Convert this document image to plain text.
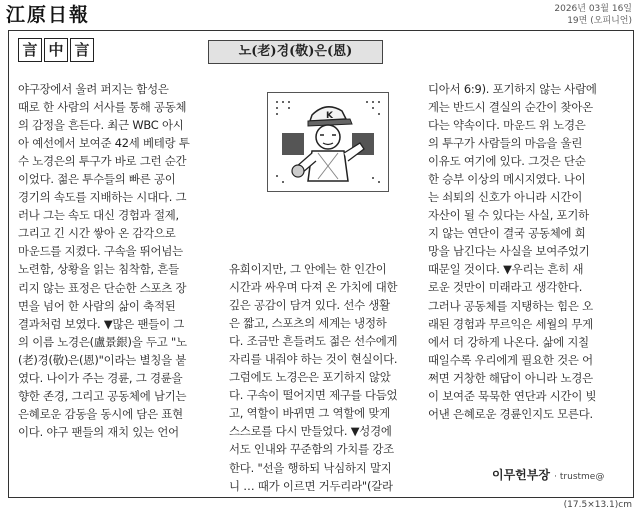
江原日報	2026년 03월 16일
19면 (오피니언)
言 中 言	노(老)경(敬)은(恩)
K
야구장에서 울려 퍼지는 함성은
때로 한 사람의 서사를 통해 공동체
의 감정을 흔든다. 최근 WBC 아시
아 예선에서 보여준 42세 베테랑 투
수 노경은의 투구가 바로 그런 순간
이었다. 젊은 투수들의 빠른 공이
경기의 속도를 지배하는 시대다. 그
러나 그는 속도 대신 경험과 절제,
그리고 긴 시간 쌓아 온 감각으로
마운드를 지켰다. 구속을 뛰어넘는
노련함, 상황을 읽는 침착함, 흔들
리지 않는 표정은 단순한 스포츠 장
면을 넘어 한 사람의 삶이 축적된
결과처럼 보였다. ▼많은 팬들이 그
의 이름 노경은(盧景銀)을 두고 "노
(老)경(敬)은(恩)"이라는 별칭을 붙
였다. 나이가 주는 경륜, 그 경륜을
향한 존경, 그리고 공동체에 남기는
은혜로운 감동을 동시에 담은 표현
이다. 야구 팬들의 재치 있는 언어
유희이지만, 그 안에는 한 인간이
시간과 싸우며 다져 온 가치에 대한
깊은 공감이 담겨 있다. 선수 생활
은 짧고, 스포츠의 세계는 냉정하
다. 조금만 흔들려도 젊은 선수에게
자리를 내줘야 하는 것이 현실이다.
그럼에도 노경은은 포기하지 않았
다. 구속이 떨어지면 제구를 다듬었
고, 역할이 바뀌면 그 역할에 맞게
스스로를 다시 만들었다. ▼성경에
서도 인내와 꾸준함의 가치를 강조
한다. "선을 행하되 낙심하지 말지
니 … 때가 이르면 거두리라"(갈라
디아서 6:9). 포기하지 않는 사람에
게는 반드시 결실의 순간이 찾아온
다는 약속이다. 마운드 위 노경은
의 투구가 사람들의 마음을 울린
이유도 여기에 있다. 그것은 단순
한 승부 이상의 메시지였다. 나이
는 쇠퇴의 신호가 아니라 시간이
자산이 될 수 있다는 사실, 포기하
지 않는 연단이 결국 공동체에 희
망을 남긴다는 사실을 보여주었기
때문일 것이다. ▼우리는 흔히 새
로운 것만이 미래라고 생각한다.
그러나 공동체를 지탱하는 힘은 오
래된 경험과 무르익은 세월의 무게
에서 더 강하게 나온다. 삶에 지칠
때일수록 우리에게 필요한 것은 어
쩌면 거창한 해답이 아니라 노경은
이 보여준 묵묵한 연단과 시간이 빚
어낸 은혜로운 경륜인지도 모른다.
이무헌부장 · trustme@
(17.5×13.1)cm
